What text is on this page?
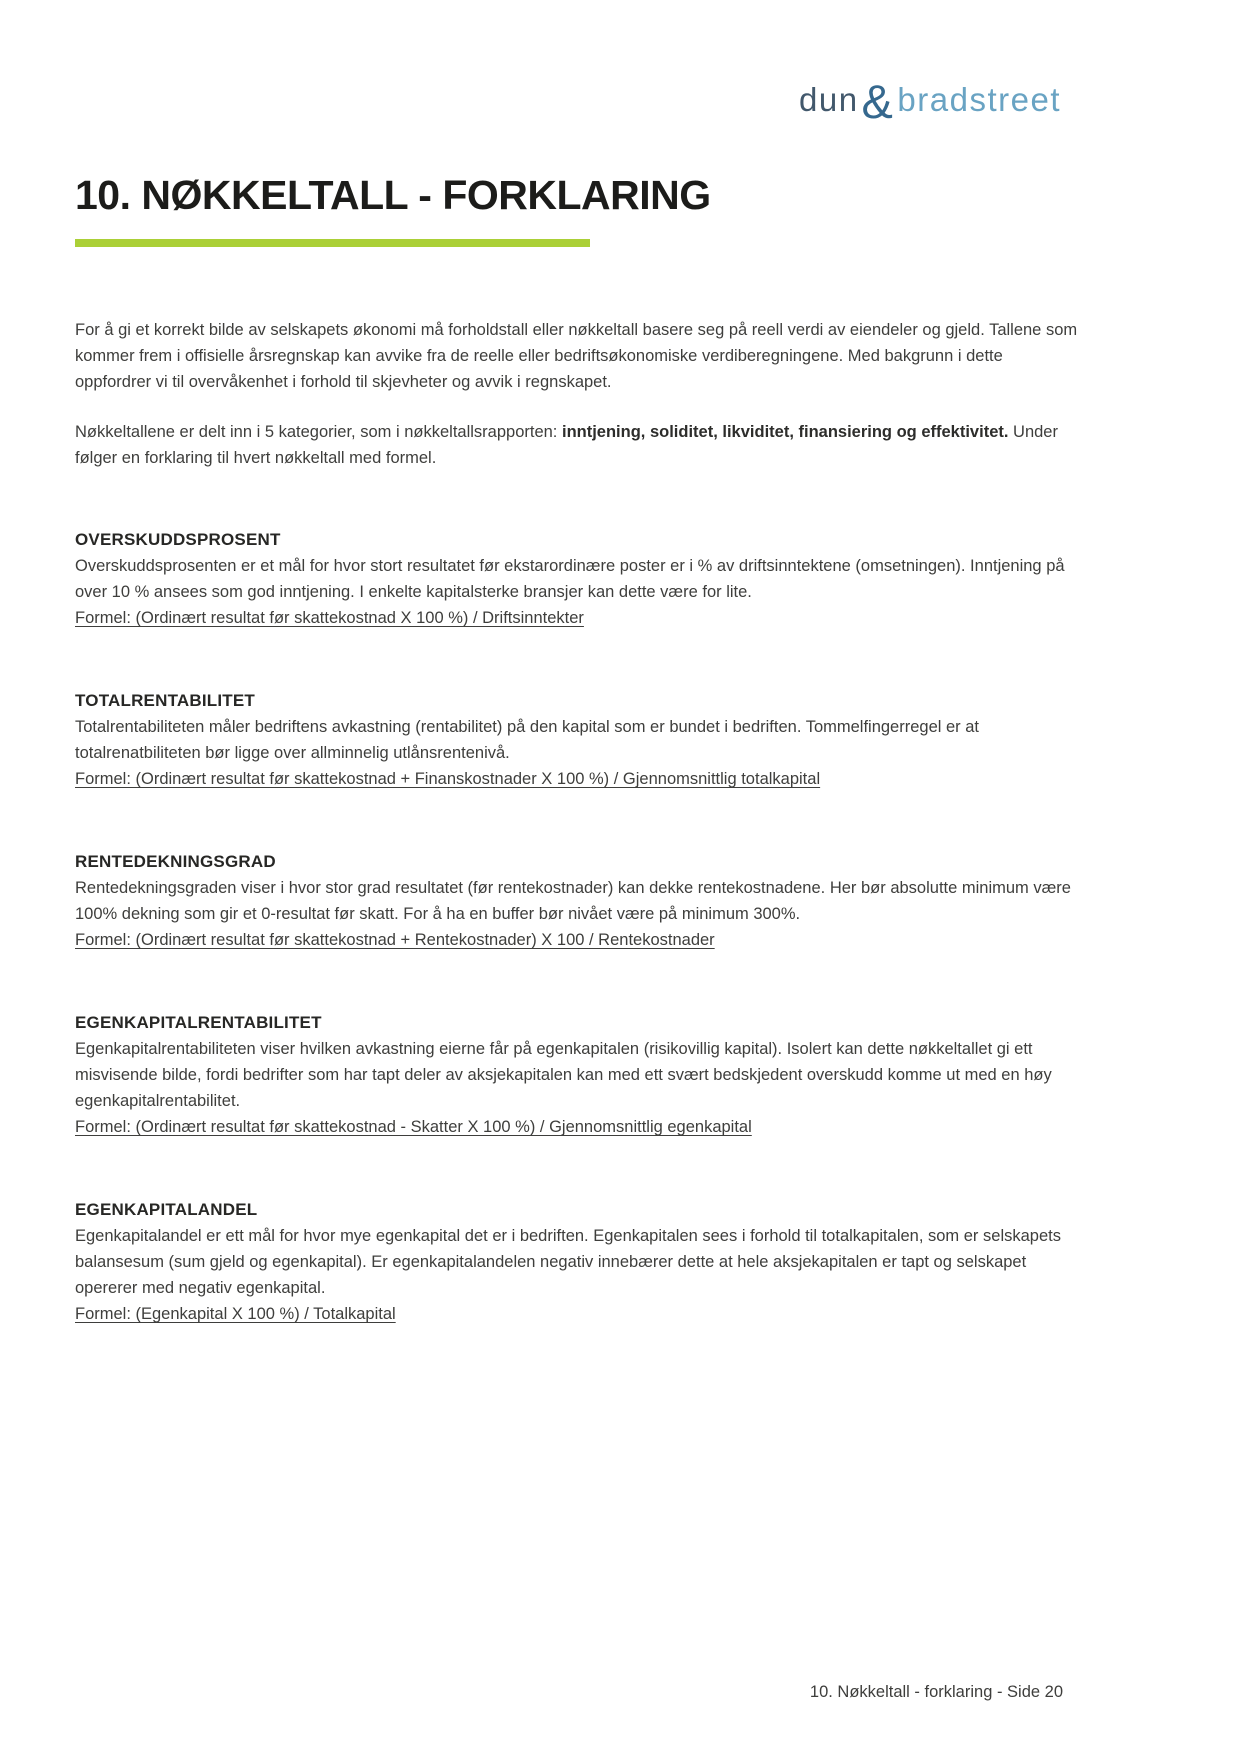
dun & bradstreet
10. NØKKELTALL - FORKLARING

For å gi et korrekt bilde av selskapets økonomi må forholdstall eller nøkkeltall basere seg på reell verdi av eiendeler og gjeld. Tallene som kommer frem i offisielle årsregnskap kan avvike fra de reelle eller bedriftsøkonomiske verdiberegningene. Med bakgrunn i dette oppfordrer vi til overvåkenhet i forhold til skjevheter og avvik i regnskapet.

Nøkkeltallene er delt inn i 5 kategorier, som i nøkkeltallsrapporten: inntjening, soliditet, likviditet, finansiering og effektivitet. Under følger en forklaring til hvert nøkkeltall med formel.

OVERSKUDDSPROSENT

Overskuddsprosenten er et mål for hvor stort resultatet før ekstarordinære poster er i % av driftsinntektene (omsetningen). Inntjening på over 10 % ansees som god inntjening. I enkelte kapitalsterke bransjer kan dette være for lite.

Formel: (Ordinært resultat før skattekostnad X 100 %) / Driftsinntekter

TOTALRENTABILITET

Totalrentabiliteten måler bedriftens avkastning (rentabilitet) på den kapital som er bundet i bedriften. Tommelfingerregel er at totalrenatbiliteten bør ligge over allminnelig utlånsrentenivå.

Formel: (Ordinært resultat før skattekostnad + Finanskostnader X 100 %) / Gjennomsnittlig totalkapital

RENTEDEKNINGSGRAD

Rentedekningsgraden viser i hvor stor grad resultatet (før rentekostnader) kan dekke rentekostnadene. Her bør absolutte minimum være 100% dekning som gir et 0-resultat før skatt. For å ha en buffer bør nivået være på minimum 300%.

Formel: (Ordinært resultat før skattekostnad + Rentekostnader) X 100 / Rentekostnader

EGENKAPITALRENTABILITET

Egenkapitalrentabiliteten viser hvilken avkastning eierne får på egenkapitalen (risikovillig kapital). Isolert kan dette nøkkeltallet gi ett misvisende bilde, fordi bedrifter som har tapt deler av aksjekapitalen kan med ett svært bedskjedent overskudd komme ut med en høy egenkapitalrentabilitet.

Formel: (Ordinært resultat før skattekostnad - Skatter X 100 %) / Gjennomsnittlig egenkapital

EGENKAPITALANDEL

Egenkapitalandel er ett mål for hvor mye egenkapital det er i bedriften. Egenkapitalen sees i forhold til totalkapitalen, som er selskapets balansesum (sum gjeld og egenkapital). Er egenkapitalandelen negativ innebærer dette at hele aksjekapitalen er tapt og selskapet opererer med negativ egenkapital.

Formel: (Egenkapital X 100 %) / Totalkapital

10. Nøkkeltall - forklaring - Side 20
